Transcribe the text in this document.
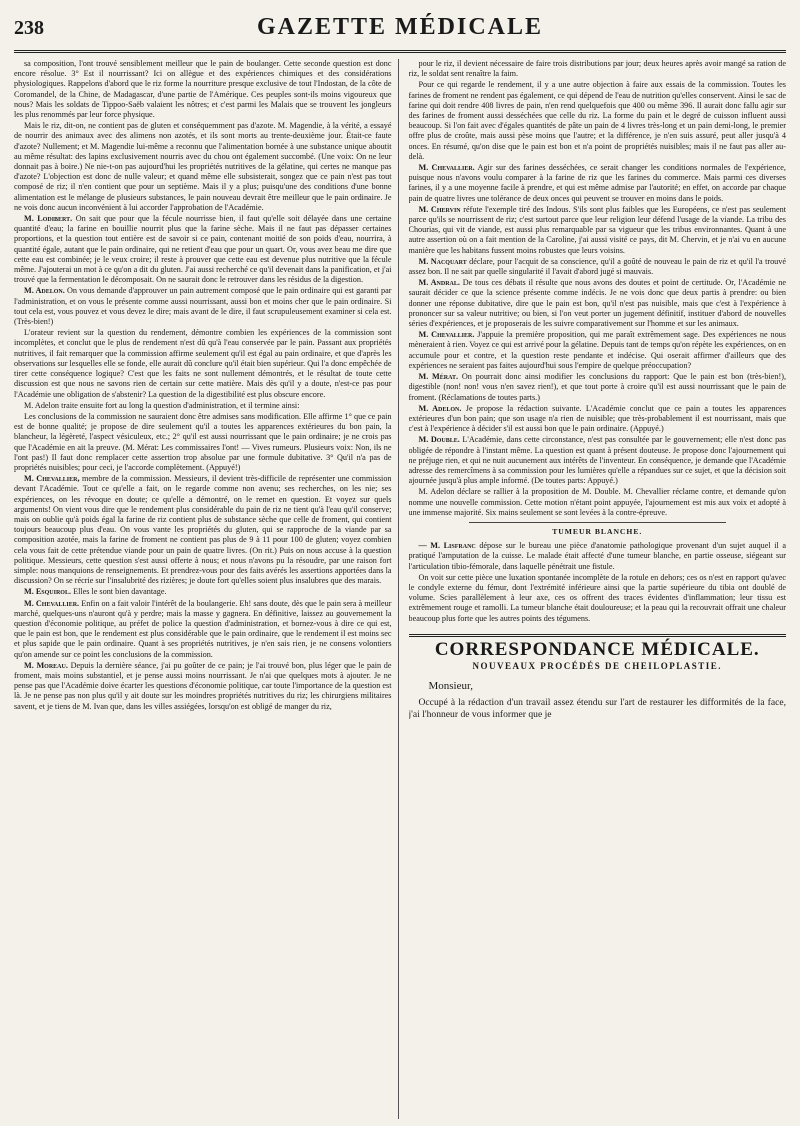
238	GAZETTE MÉDICALE

sa composition, l'ont trouvé sensiblement meilleur que le pain de boulanger. Cette seconde question est donc encore résolue. 3° Est il nourrissant? Ici on allègue et des expériences chimiques et des considérations physiologiques. Rappelons d'abord que le riz forme la nourriture presque exclusive de tout l'Indostan, de la côte de Coromandel, de la Chine, de Madagascar, d'une partie de l'Amérique. Ces peuples sont-ils moins vigoureux que nous? Mais les soldats de Tippoo-Saëb valaient les nôtres; et c'est parmi les Malais que se trouvent les jongleurs les plus renommés par leur force physique.

Mais le riz, dit-on, ne contient pas de gluten et conséquemment pas d'azote. M. Magendie, à la vérité, a essayé de nourrir des animaux avec des alimens non azotés, et ils sont morts au trente-deuxième jour. Était-ce faute d'azote? Nullement; et M. Magendie lui-même a reconnu que l'alimentation bornée à une substance unique aboutit au même résultat: des lapins exclusivement nourris avec du chou ont également succombé. (Une voix: On ne leur donnait pas à boire.) Ne nie-t-on pas aujourd'hui les propriétés nutritives de la gélatine, qui certes ne manque pas d'azote? L'objection est donc de nulle valeur; et quand même elle subsisterait, songez que ce pain n'est pas tout composé de riz; il n'en contient que pour un septième. Mais il y a plus; puisqu'une des conditions d'une bonne alimentation est le mélange de plusieurs substances, le pain nouveau devrait être meilleur que le pain ordinaire. Je ne vois donc aucun inconvénient à lui accorder l'approbation de l'Académie.

M. Lodibert. On sait que pour que la fécule nourrisse bien, il faut qu'elle soit délayée dans une certaine quantité d'eau; la farine en bouillie nourrit plus que la farine sèche. Mais il ne faut pas dépasser certaines proportions, et la question tout entière est de savoir si ce pain, contenant moitié de son poids d'eau, nourrira, à quantité égale, autant que le pain ordinaire, qui ne retient d'eau que pour un quart. Or, vous avez beau me dire que cette eau est combinée; je le veux croire; il reste à prouver que cette eau est devenue plus nutritive que la fécule même. J'ajouterai un mot à ce qu'on a dit du gluten. J'ai aussi recherché ce qu'il devenait dans la panification, et j'ai trouvé que la fermentation le décomposait. On ne saurait donc le retrouver dans les résidus de la digestion.

M. Adelon. On vous demande d'approuver un pain autrement composé que le pain ordinaire qui est garanti par l'administration, et on vous le présente comme aussi nourrissant, aussi bon et moins cher que le pain ordinaire. Si tout cela est, vous pouvez et vous devez le dire; mais avant de le dire, il faut scrupuleusement examiner si cela est. (Très-bien!)

L'orateur revient sur la question du rendement, démontre combien les expériences de la commission sont incomplètes, et conclut que le plus de rendement n'est dû qu'à l'eau conservée par le pain. Passant aux propriétés nutritives, il fait remarquer que la commission affirme seulement qu'il est égal au pain ordinaire, et que d'après les observations sur lesquelles elle se fonde, elle aurait dû conclure qu'il était bien supérieur. Qui l'a donc empêchée de tirer cette conséquence logique? C'est que les faits ne sont nullement démontrés, et le résultat de toute cette discussion est que nous ne savons rien de certain sur cette matière. Mais dès qu'il y a doute, n'est-ce pas pour l'Académie une obligation de s'abstenir? La question de la digestibilité est plus obscure encore.

M. Adelon traite ensuite fort au long la question d'administration, et il termine ainsi:

Les conclusions de la commission ne sauraient donc être admises sans modification. Elle affirme 1° que ce pain est de bonne qualité; je propose de dire seulement qu'il a toutes les apparences extérieures du bon pain, la blancheur, la légèreté, l'aspect vésiculeux, etc.; 2° qu'il est aussi nourrissant que le pain ordinaire; je ne crois pas que l'Académie en ait la preuve. (M. Mérat: Les commissaires l'ont! — Vives rumeurs. Plusieurs voix: Non, ils ne l'ont pas!) Il faut donc remplacer cette assertion trop absolue par une formule dubitative. 3° Qu'il n'a pas de propriétés nuisibles; pour ceci, je l'accorde complètement. (Appuyé!)

M. Chevallier, membre de la commission. Messieurs, il devient très-difficile de représenter une commission devant l'Académie. Tout ce qu'elle a fait, on le regarde comme non avenu; ses recherches, on les nie; ses expériences, on les révoque en doute; ce qu'elle a démontré, on le remet en question. Et voyez sur quels arguments! On vient vous dire que le rendement plus considérable du pain de riz ne tient qu'à l'eau qu'il conserve; mais on oublie qu'à poids égal la farine de riz contient plus de substance sèche que celle de froment, qui contient toujours beaucoup plus d'eau. On vous vante les propriétés du gluten, qui se rapproche de la viande par sa composition azotée, mais la farine de froment ne contient pas plus de 9 à 11 pour 100 de gluten; voyez combien cela vous fait de cette prétendue viande pour un pain de quatre livres. (On rit.) Puis on nous accuse à la question politique. Messieurs, cette question s'est aussi offerte à nous; et nous n'avons pu la résoudre, par une raison fort simple: nous manquions de renseignements. Et prendrez-vous pour des faits avérés les assertions apportées dans la discussion? On se récrie sur l'insalubrité des rizières; je doute fort qu'elles soient plus insalubres que des marais.

M. Esquirol. Elles le sont bien davantage.

M. Chevallier. Enfin on a fait valoir l'intérêt de la boulangerie. Eh! sans doute, dès que le pain sera à meilleur marché, quelques-uns n'auront qu'à y perdre; mais la masse y gagnera. En définitive, laissez au gouvernement la question d'économie politique, au préfet de police la question d'administration, et bornez-vous à dire ce qui est, que le pain est bon, que le rendement est plus considérable que le pain ordinaire, que le rendement il est moins sec et plus sapide que le pain ordinaire. Quant à ses propriétés nutritives, je n'en sais rien, je ne consens volontiers qu'on amende sur ce point les conclusions de la commission.

M. Moreau. Depuis la dernière séance, j'ai pu goûter de ce pain; je l'ai trouvé bon, plus léger que le pain de froment, mais moins substantiel, et je pense aussi moins nourrissant. Je n'ai que quelques mots à ajouter. Je ne pense pas que l'Académie doive écarter les questions d'économie politique, car toute l'importance de la question est là. Je ne pense pas non plus qu'il y ait doute sur les moindres propriétés nutritives du riz; les chirurgiens militaires savent, et je tiens de M. Ivan que, dans les villes assiégées, lorsqu'on est obligé de manger du riz,

pour le riz, il devient nécessaire de faire trois distributions par jour; deux heures après avoir mangé sa ration de riz, le soldat sent renaître la faim.

Pour ce qui regarde le rendement, il y a une autre objection à faire aux essais de la commission. Toutes les farines de froment ne rendent pas également, ce qui dépend de l'eau de nutrition qu'elles conservent. Ainsi le sac de farine qui doit rendre 408 livres de pain, n'en rend quelquefois que 400 ou même 396. Il aurait donc fallu agir sur des farines de froment aussi desséchées que celle du riz. La forme du pain et le degré de cuisson influent aussi beaucoup. Si l'on fait avec d'égales quantités de pâte un pain de 4 livres très-long et un pain demi-long, le premier offre plus de croûte, mais aussi pèse moins que l'autre; et la différence, je n'en suis assuré, peut aller jusqu'à 4 onces. En résumé, qu'on dise que le pain est bon et n'a point de propriétés nuisibles; mais il ne faut pas aller au-delà.

M. Chevallier. Agir sur des farines desséchées, ce serait changer les conditions normales de l'expérience, puisque nous n'avons voulu comparer à la farine de riz que les farines du commerce. Mais parmi ces diverses farines, il y a une moyenne facile à prendre, et qui est même admise par l'autorité; en effet, on accorde par chaque pain de quatre livres une tolérance de deux onces qui peuvent se trouver en moins dans le poids.

M. Chervin réfute l'exemple tiré des Indous. S'ils sont plus faibles que les Européens, ce n'est pas seulement parce qu'ils se nourrissent de riz; c'est surtout parce que leur religion leur défend l'usage de la viande. La tribu des Chourias, qui vit de viande, est aussi plus remarquable par sa vigueur que les tribus environnantes. Quant à une autre assertion où on a fait mention de la Caroline, j'ai aussi visité ce pays, dit M. Chervin, et je n'ai vu en aucune manière que les habitans fussent moins robustes que leurs voisins.

M. Nacquart déclare, pour l'acquit de sa conscience, qu'il a goûté de nouveau le pain de riz et qu'il l'a trouvé assez bon. Il ne sait par quelle singularité il l'avait d'abord jugé si mauvais.

M. Andral. De tous ces débats il résulte que nous avons des doutes et point de certitude. Or, l'Académie ne saurait décider ce que la science présente comme indécis. Je ne vois donc que deux partis à prendre: ou bien donner une réponse dubitative, dire que le pain est bon, qu'il n'est pas nuisible, mais que c'est à l'expérience à prononcer sur sa valeur nutritive; ou bien, si l'on veut porter un jugement définitif, instituer d'abord de nouvelles séries d'expériences, et je proposerais de les suivre comparativement sur l'homme et sur les animaux.

M. Chevallier. J'appuie la première proposition, qui me paraît extrêmement sage. Des expériences ne nous mèneraient à rien. Voyez ce qui est arrivé pour la gélatine. Depuis tant de temps qu'on répète les expériences, on en accumule pour et contre, et la question reste pendante et indécise. Qui oserait affirmer d'ailleurs que des expériences ne seraient pas faites aujourd'hui sous l'empire de quelque préoccupation?

M. Mérat. On pourrait donc ainsi modifier les conclusions du rapport: Que le pain est bon (très-bien!), digestible (non! non! vous n'en savez rien!), et que tout porte à croire qu'il est aussi nourrissant que le pain de froment. (Réclamations de toutes parts.)

M. Adelon. Je propose la rédaction suivante. L'Académie conclut que ce pain a toutes les apparences extérieures d'un bon pain; que son usage n'a rien de nuisible; que très-probablement il est nourrissant, mais que c'est à l'expérience à décider s'il est aussi bon que le pain ordinaire. (Appuyé.)

M. Double. L'Académie, dans cette circonstance, n'est pas consultée par le gouvernement; elle n'est donc pas obligée de répondre à l'instant même. La question est quant à présent douteuse. Je propose donc l'ajournement qui ne préjuge rien, et qui ne nuit aucunement aux intérêts de l'inventeur. En conséquence, je demande que l'Académie adresse des remercîmens à sa commission pour les lumières qu'elle a répandues sur ce sujet, et que la décision soit ajournée jusqu'à plus ample informé. (De toutes parts: Appuyé.)

M. Adelon déclare se rallier à la proposition de M. Double. M. Chevallier réclame contre, et demande qu'on nomme une nouvelle commission. Cette motion n'étant point appuyée, l'ajournement est mis aux voix et adopté à une immense majorité. Six mains seulement se sont levées à la contre-épreuve.

TUMEUR BLANCHE.

— M. Lisfranc dépose sur le bureau une pièce d'anatomie pathologique provenant d'un sujet auquel il a pratiqué l'amputation de la cuisse. Le malade était affecté d'une tumeur blanche, en partie osseuse, siégeant sur l'articulation tibio-fémorale, dans laquelle pénétrait une fistule.

On voit sur cette pièce une luxation spontanée incomplète de la rotule en dehors; ces os n'est en rapport qu'avec le condyle externe du fémur, dont l'extrémité inférieure ainsi que la partie supérieure du tibia ont doublé de volume. Scies parallèlement à leur axe, ces os offrent des traces évidentes d'inflammation; leur tissu est extrêmement rouge et ramolli. La tumeur blanche était douloureuse; et la peau qui la recouvrait offrait une chaleur beaucoup plus forte que les autres points des tégumens.

CORRESPONDANCE MÉDICALE.
NOUVEAUX PROCÉDÉS DE CHEILOPLASTIE.
Monsieur,

Occupé à la rédaction d'un travail assez étendu sur l'art de restaurer les difformités de la face, j'ai l'honneur de vous informer que je
